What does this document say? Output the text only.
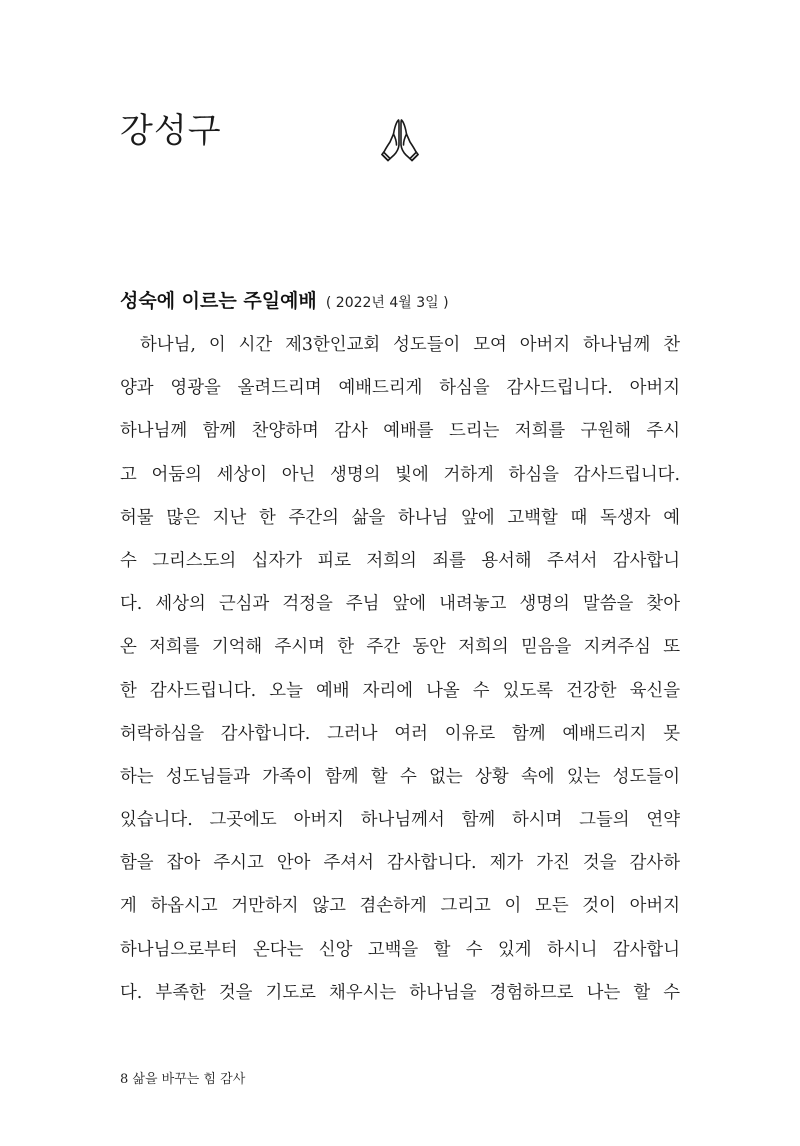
강성구
성숙에 이르는 주일예배 ( 2022년 4월 3일 )
하나님, 이 시간 제3한인교회 성도들이 모여 아버지 하나님께 찬
양과 영광을 올려드리며 예배드리게 하심을 감사드립니다. 아버지
하나님께 함께 찬양하며 감사 예배를 드리는 저희를 구원해 주시
고 어둠의 세상이 아닌 생명의 빛에 거하게 하심을 감사드립니다.
허물 많은 지난 한 주간의 삶을 하나님 앞에 고백할 때 독생자 예
수 그리스도의 십자가 피로 저희의 죄를 용서해 주셔서 감사합니
다. 세상의 근심과 걱정을 주님 앞에 내려놓고 생명의 말씀을 찾아
온 저희를 기억해 주시며 한 주간 동안 저희의 믿음을 지켜주심 또
한 감사드립니다. 오늘 예배 자리에 나올 수 있도록 건강한 육신을
허락하심을 감사합니다. 그러나 여러 이유로 함께 예배드리지 못
하는 성도님들과 가족이 함께 할 수 없는 상황 속에 있는 성도들이
있습니다. 그곳에도 아버지 하나님께서 함께 하시며 그들의 연약
함을 잡아 주시고 안아 주셔서 감사합니다. 제가 가진 것을 감사하
게 하옵시고 거만하지 않고 겸손하게 그리고 이 모든 것이 아버지
하나님으로부터 온다는 신앙 고백을 할 수 있게 하시니 감사합니
다. 부족한 것을 기도로 채우시는 하나님을 경험하므로 나는 할 수
8 삶을 바꾸는 힘 감사
